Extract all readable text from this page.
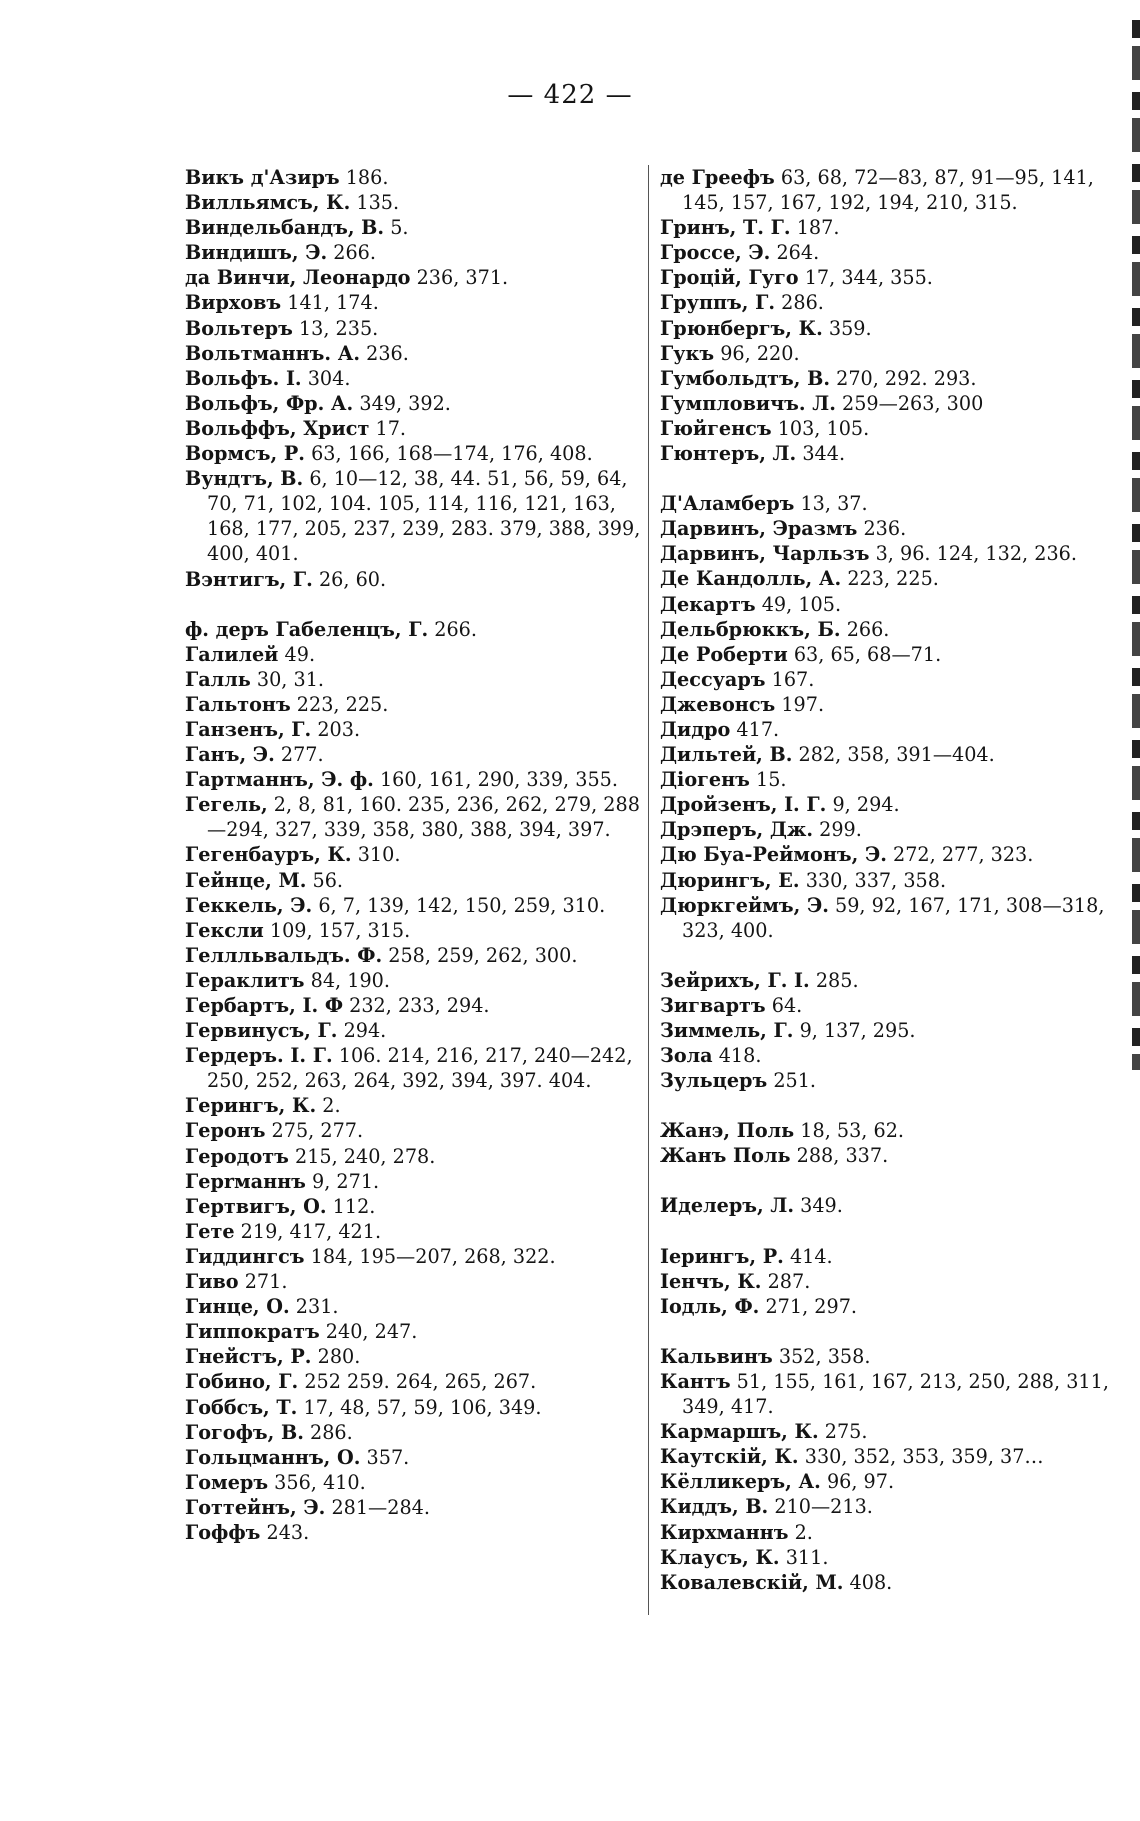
— 422 —
Викъ д'Азиръ 186.
Вилльямсъ, К. 135.
Виндельбандъ, В. 5.
Виндишъ, Э. 266.
да Винчи, Леонардо 236, 371.
Вирховъ 141, 174.
Вольтеръ 13, 235.
Вольтманнъ. А. 236.
Вольфъ. I. 304.
Вольфъ, Фр. А. 349, 392.
Вольффъ, Христ 17.
Вормсъ, Р. 63, 166, 168—174, 176, 408.
Вундтъ, В. 6, 10—12, 38, 44. 51, 56, 59, 64, 70, 71, 102, 104. 105, 114, 116, 121, 163, 168, 177, 205, 237, 239, 283. 379, 388, 399, 400, 401.
Вэнтигъ, Г. 26, 60.
ф. деръ Габеленцъ, Г. 266.
Галилей 49.
Галль 30, 31.
Гальтонъ 223, 225.
Ганзенъ, Г. 203.
Ганъ, Э. 277.
Гартманнъ, Э. ф. 160, 161, 290, 339, 355.
Гегель, 2, 8, 81, 160. 235, 236, 262, 279, 288—294, 327, 339, 358, 380, 388, 394, 397.
Гегенбауръ, К. 310.
Гейнце, М. 56.
Геккель, Э. 6, 7, 139, 142, 150, 259, 310.
Гексли 109, 157, 315.
Геллльвальдъ. Ф. 258, 259, 262, 300.
Гераклитъ 84, 190.
Гербартъ, I. Ф 232, 233, 294.
Гервинусъ, Г. 294.
Гердеръ. I. Г. 106. 214, 216, 217, 240—242, 250, 252, 263, 264, 392, 394, 397. 404.
Герингъ, К. 2.
Геронъ 275, 277.
Геродотъ 215, 240, 278.
Герrманнъ 9, 271.
Гертвигъ, О. 112.
Гете 219, 417, 421.
Гиддингсъ 184, 195—207, 268, 322.
Гиво 271.
Гинце, О. 231.
Гиппократъ 240, 247.
Гнейстъ, Р. 280.
Гобино, Г. 252 259. 264, 265, 267.
Гоббсъ, Т. 17, 48, 57, 59, 106, 349.
Гогофъ, В. 286.
Гольцманнъ, О. 357.
Гомеръ 356, 410.
Готтейнъ, Э. 281—284.
Гоффъ 243.
де Греефъ 63, 68, 72—83, 87, 91—95, 141, 145, 157, 167, 192, 194, 210, 315.
Гринъ, Т. Г. 187.
Гроссе, Э. 264.
Гроцій, Гуго 17, 344, 355.
Группъ, Г. 286.
Грюнбергъ, К. 359.
Гукъ 96, 220.
Гумбольдтъ, В. 270, 292. 293.
Гумпловичъ. Л. 259—263, 300
Гюйгенсъ 103, 105.
Гюнтеръ, Л. 344.
Д'Аламберъ 13, 37.
Дарвинъ, Эразмъ 236.
Дарвинъ, Чарльзъ 3, 96. 124, 132, 236.
Де Кандолль, А. 223, 225.
Декартъ 49, 105.
Дельбрюккъ, Б. 266.
Де Роберти 63, 65, 68—71.
Дессуаръ 167.
Джевонсъ 197.
Дидро 417.
Дильтей, В. 282, 358, 391—404.
Діогенъ 15.
Дройзенъ, I. Г. 9, 294.
Дрэперъ, Дж. 299.
Дю Буа-Реймонъ, Э. 272, 277, 323.
Дюрингъ, Е. 330, 337, 358.
Дюркгеймъ, Э. 59, 92, 167, 171, 308—318, 323, 400.
Зейрихъ, Г. I. 285.
Зигвартъ 64.
Зиммель, Г. 9, 137, 295.
Зола 418.
Зульцеръ 251.
Жанэ, Поль 18, 53, 62.
Жанъ Поль 288, 337.
Иделеръ, Л. 349.
Iерингъ, Р. 414.
Iенчъ, К. 287.
Iодль, Ф. 271, 297.
Кальвинъ 352, 358.
Кантъ 51, 155, 161, 167, 213, 250, 288, 311, 349, 417.
Кармаршъ, К. 275.
Каутскій, К. 330, 352, 353, 359, 37…
Кёлликеръ, А. 96, 97.
Киддъ, В. 210—213.
Кирхманнъ 2.
Клаусъ, К. 311.
Ковалевскій, М. 408.
